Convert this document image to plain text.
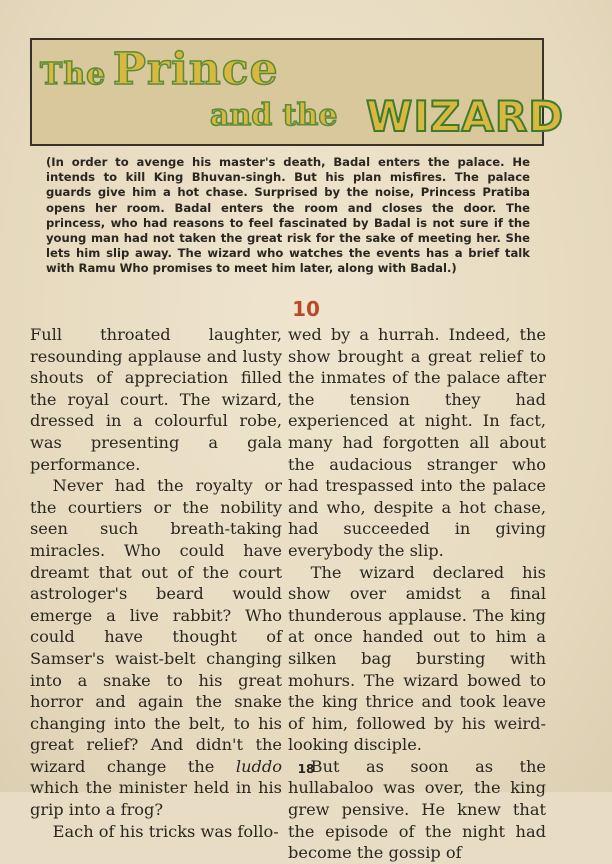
The Prince
and the WIZARD
(In order to avenge his master's death, Badal enters the palace. He intends to kill King Bhuvan-singh. But his plan misfires. The palace guards give him a hot chase. Surprised by the noise, Princess Pratiba opens her room. Badal enters the room and closes the door. The princess, who had reasons to feel fascinated by Badal is not sure if the young man had not taken the great risk for the sake of meeting her. She lets him slip away. The wizard who watches the events has a brief talk with Ramu Who promises to meet him later, along with Badal.)
10

Full throated laughter, resounding applause and lusty shouts of appreciation filled the royal court. The wizard, dressed in a colourful robe, was presenting a gala performance.

Never had the royalty or the courtiers or the nobility seen such breath-taking miracles. Who could have dreamt that out of the court astrologer's beard would emerge a live rabbit? Who could have thought of Samser's waist-belt changing into a snake to his great horror and again the snake changing into the belt, to his great relief? And didn't the wizard change the luddo which the minister held in his grip into a frog?

Each of his tricks was follo-

wed by a hurrah. Indeed, the show brought a great relief to the inmates of the palace after the tension they had experienced at night. In fact, many had forgotten all about the audacious stranger who had trespassed into the palace and who, despite a hot chase, had succeeded in giving everybody the slip.

The wizard declared his show over amidst a final thunderous applause. The king at once handed out to him a silken bag bursting with mohurs. The wizard bowed to the king thrice and took leave of him, followed by his weird-looking disciple.

But as soon as the hullabaloo was over, the king grew pensive. He knew that the episode of the night had become the gossip of

18
